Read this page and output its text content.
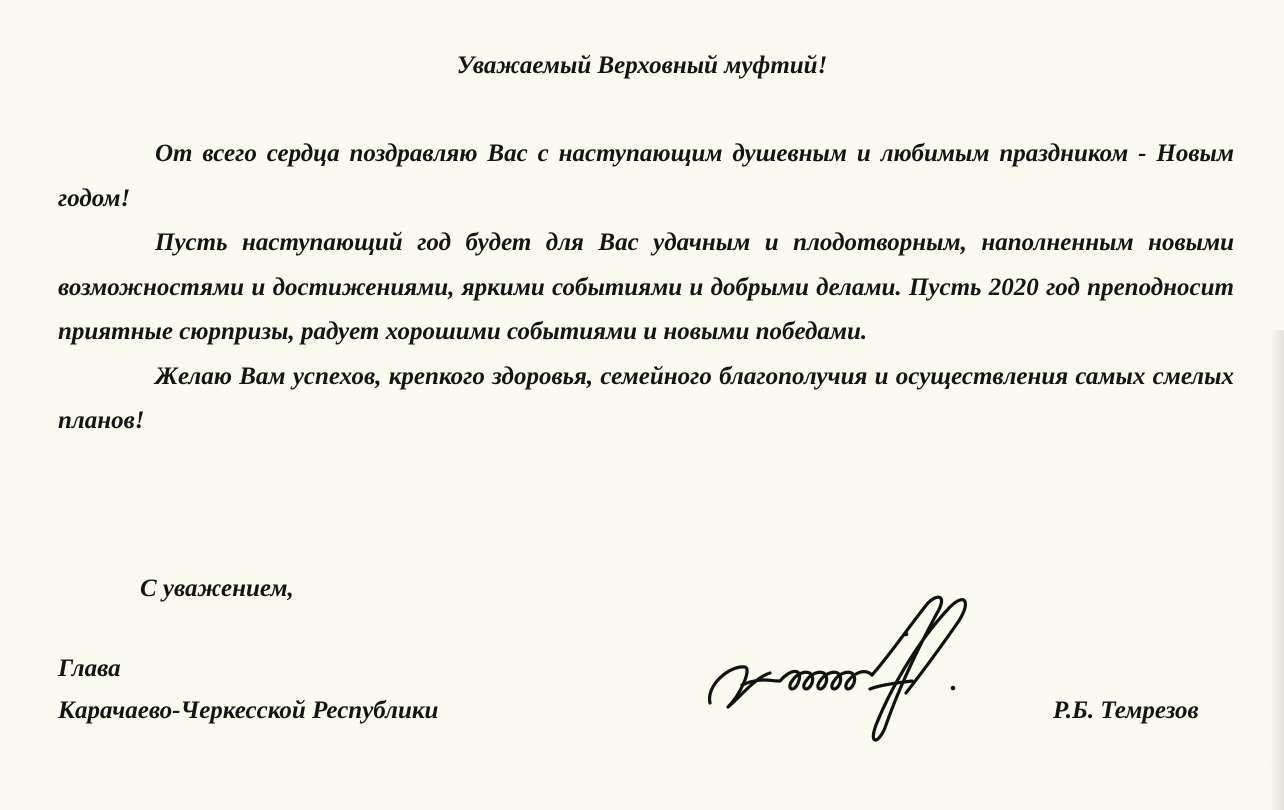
Уважаемый Верховный муфтий!

От всего сердца поздравляю Вас с наступающим душевным и любимым праздником - Новым годом!

Пусть наступающий год будет для Вас удачным и плодотворным, наполненным новыми возможностями и достижениями, яркими событиями и добрыми делами. Пусть 2020 год преподносит приятные сюрпризы, радует хорошими событиями и новыми победами.

Желаю Вам успехов, крепкого здоровья, семейного благополучия и осуществления самых смелых планов!

С уважением,
Глава
Карачаево-Черкесской Республики	Р.Б. Темрезов
